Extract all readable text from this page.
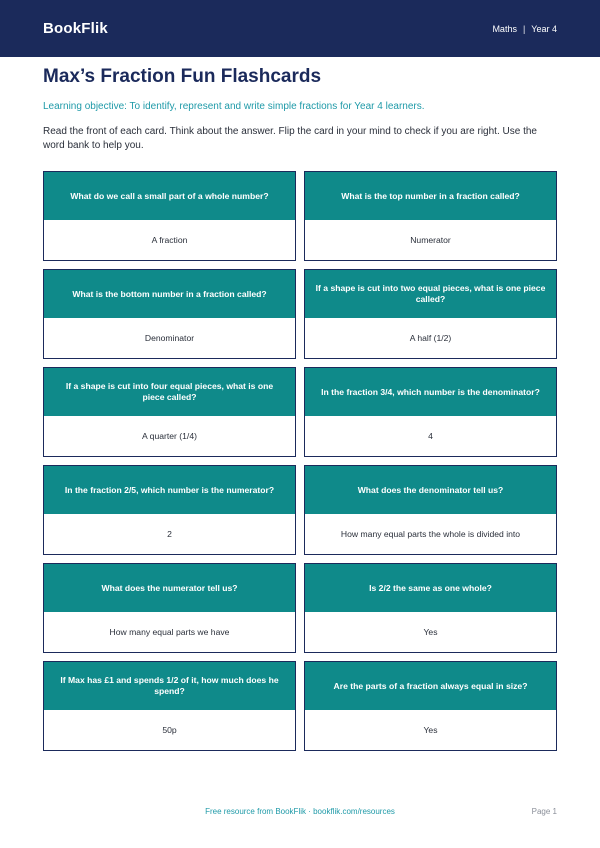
BookFlik	Maths | Year 4
Max’s Fraction Fun Flashcards

Learning objective: To identify, represent and write simple fractions for Year 4 learners.

Read the front of each card. Think about the answer. Flip the card in your mind to check if you are right. Use the word bank to help you.

What do we call a small part of a whole number?
A fraction
What is the top number in a fraction called?
Numerator
What is the bottom number in a fraction called?
Denominator
If a shape is cut into two equal pieces, what is one piece called?
A half (1/2)
If a shape is cut into four equal pieces, what is one piece called?
A quarter (1/4)
In the fraction 3/4, which number is the denominator?
4
In the fraction 2/5, which number is the numerator?
2
What does the denominator tell us?
How many equal parts the whole is divided into
What does the numerator tell us?
How many equal parts we have
Is 2/2 the same as one whole?
Yes
If Max has £1 and spends 1/2 of it, how much does he spend?
50p
Are the parts of a fraction always equal in size?
Yes
Free resource from BookFlik · bookflik.com/resources	Page 1
